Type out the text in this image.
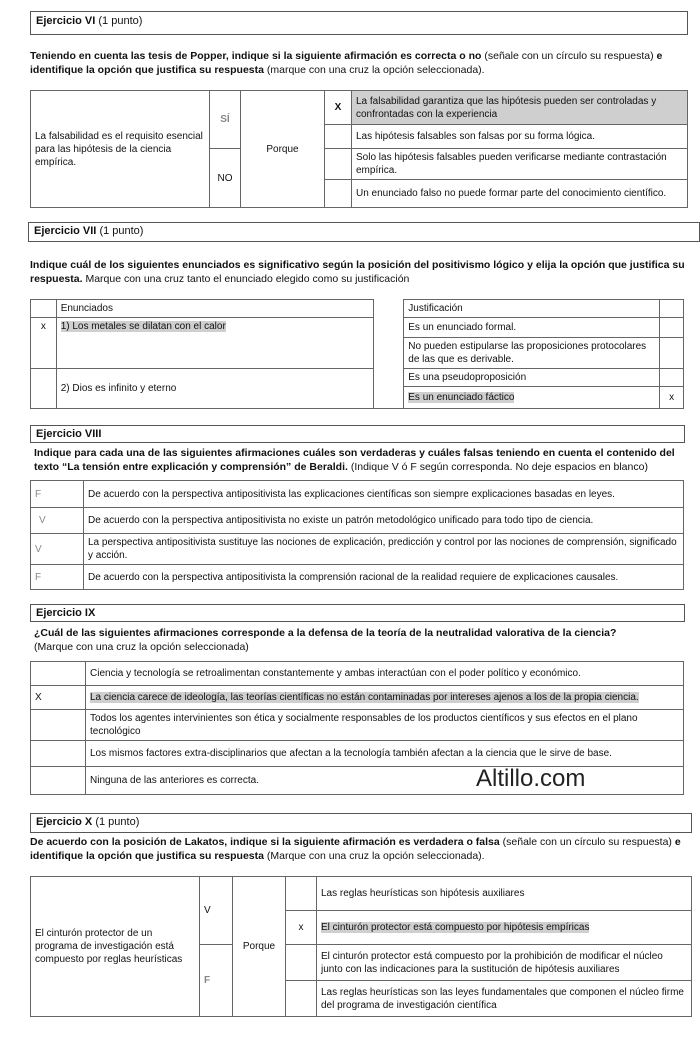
Ejercicio VI (1 punto)
Teniendo en cuenta las tesis de Popper, indique si la siguiente afirmación es correcta o no (señale con un círculo su respuesta) e identifique la opción que justifica su respuesta (marque con una cruz la opción seleccionada).
La falsabilidad es el requisito esencial para las hipótesis de la ciencia empírica.	SÍ	Porque	X	La falsabilidad garantiza que las hipótesis pueden ser controladas y confrontadas con la experiencia
				Las hipótesis falsables son falsas por su forma lógica.
	NO			Solo las hipótesis falsables pueden verificarse mediante contrastación empírica.
				Un enunciado falso no puede formar parte del conocimiento científico.
Ejercicio VII (1 punto)
Indique cuál de los siguientes enunciados es significativo según la posición del positivismo lógico y elija la opción que justifica su respuesta. Marque con una cruz tanto el enunciado elegido como su justificación
	Enunciados		Justificación	
x	1) Los metales se dilatan con el calor		Es un enunciado formal.	
			No pueden estipularse las proposiciones protocolares de las que es derivable.	
	2) Dios es infinito y eterno		Es una pseudoproposición	
			Es un enunciado fáctico	x
Ejercicio VIII
Indique para cada una de las siguientes afirmaciones cuáles son verdaderas y cuáles falsas teniendo en cuenta el contenido del texto “La tensión entre explicación y comprensión” de Beraldi. (Indique V ó F según corresponda. No deje espacios en blanco)
F	De acuerdo con la perspectiva antipositivista las explicaciones científicas son siempre explicaciones basadas en leyes.
V	De acuerdo con la perspectiva antipositivista no existe un patrón metodológico unificado para todo tipo de ciencia.
V	La perspectiva antipositivista sustituye las nociones de explicación, predicción y control por las nociones de comprensión, significado y acción.
F	De acuerdo con la perspectiva antipositivista la comprensión racional de la realidad requiere de explicaciones causales.
Ejercicio IX
¿Cuál de las siguientes afirmaciones corresponde a la defensa de la teoría de la neutralidad valorativa de la ciencia?
(Marque con una cruz la opción seleccionada)
	Ciencia y tecnología se retroalimentan constantemente y ambas interactúan con el poder político y económico.
X	La ciencia carece de ideología, las teorías científicas no están contaminadas por intereses ajenos a los de la propia ciencia.
	Todos los agentes intervinientes son ética y socialmente responsables de los productos científicos y sus efectos en el plano tecnológico
	Los mismos factores extra-disciplinarios que afectan a la tecnología también afectan a la ciencia que le sirve de base.
	Ninguna de las anteriores es correcta.	Altillo.com
Ejercicio X (1 punto)
De acuerdo con la posición de Lakatos, indique si la siguiente afirmación es verdadera o falsa (señale con un círculo su respuesta) e identifique la opción que justifica su respuesta (Marque con una cruz la opción seleccionada).
El cinturón protector de un programa de investigación está compuesto por reglas heurísticas	V	Porque		Las reglas heurísticas son hipótesis auxiliares
			x	El cinturón protector está compuesto por hipótesis empíricas
	F			El cinturón protector está compuesto por la prohibición de modificar el núcleo junto con las indicaciones para la sustitución de hipótesis auxiliares
				Las reglas heurísticas son las leyes fundamentales que componen el núcleo firme del programa de investigación científica
